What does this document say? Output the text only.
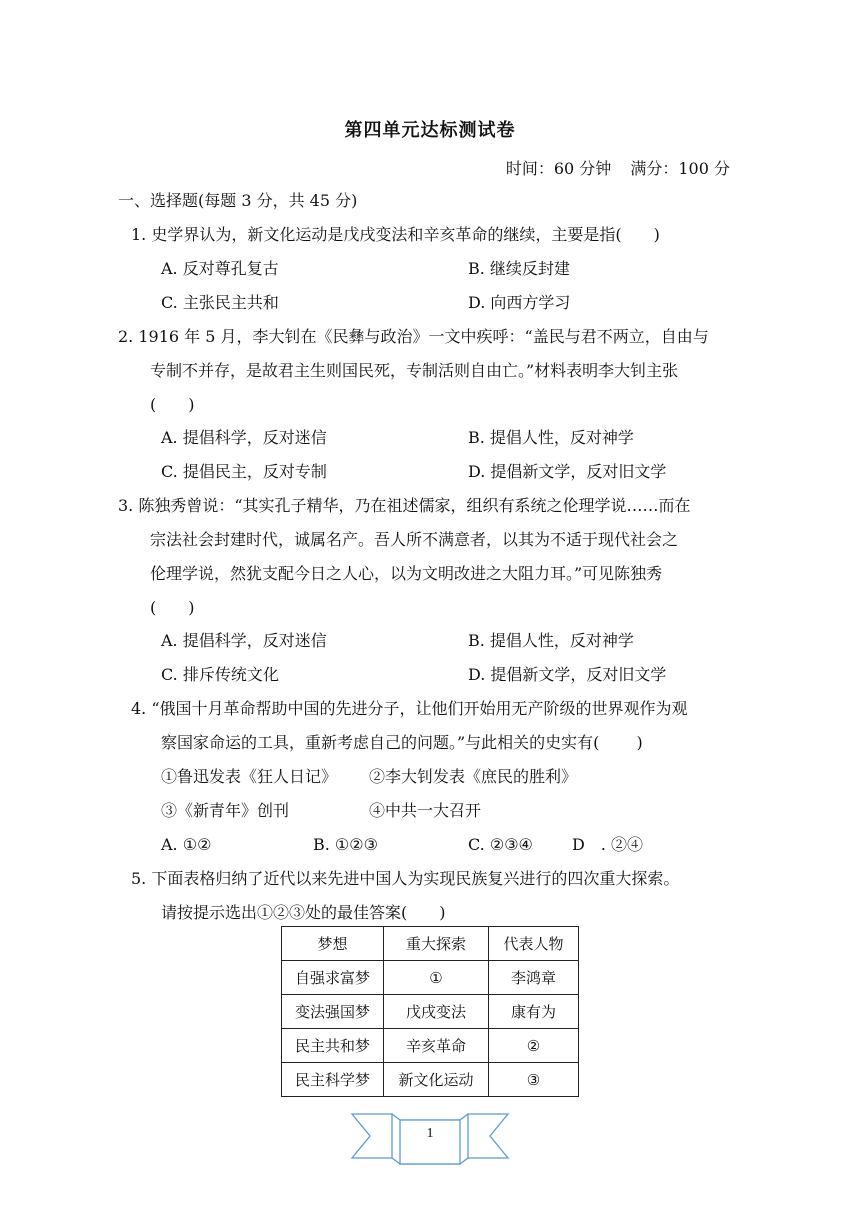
第四单元达标测试卷
时间：60 分钟 满分：100 分
一、选择题(每题 3 分，共 45 分)
1. 史学界认为，新文化运动是戊戌变法和辛亥革命的继续，主要是指(　　)
A. 反对尊孔复古	B. 继续反封建
C. 主张民主共和	D. 向西方学习
2. 1916 年 5 月，李大钊在《民彝与政治》一文中疾呼：“盖民与君不两立，自由与
专制不并存，是故君主生则国民死，专制活则自由亡。”材料表明李大钊主张
(　　)
A. 提倡科学，反对迷信	B. 提倡人性，反对神学
C. 提倡民主，反对专制	D. 提倡新文学，反对旧文学
3. 陈独秀曾说：“其实孔子精华，乃在祖述儒家，组织有系统之伦理学说……而在
宗法社会封建时代，诚属名产。吾人所不满意者，以其为不适于现代社会之
伦理学说，然犹支配今日之人心，以为文明改进之大阻力耳。”可见陈独秀
(　　)
A. 提倡科学，反对迷信	B. 提倡人性，反对神学
C. 排斥传统文化	D. 提倡新文学，反对旧文学
4. “俄国十月革命帮助中国的先进分子，让他们开始用无产阶级的世界观作为观
察国家命运的工具，重新考虑自己的问题。”与此相关的史实有(　　 )
①鲁迅发表《狂人日记》 ②李大钊发表《庶民的胜利》
③《新青年》创刊	④中共一大召开
A. ①②	B. ①②③	C. ②③④ D　. ②④
5. 下面表格归纳了近代以来先进中国人为实现民族复兴进行的四次重大探索。
请按提示选出①②③处的最佳答案(　　)
梦想	重大探索	代表人物
自强求富梦	①	李鸿章
变法强国梦	戊戌变法	康有为
民主共和梦	辛亥革命	②
民主科学梦	新文化运动	③
1
